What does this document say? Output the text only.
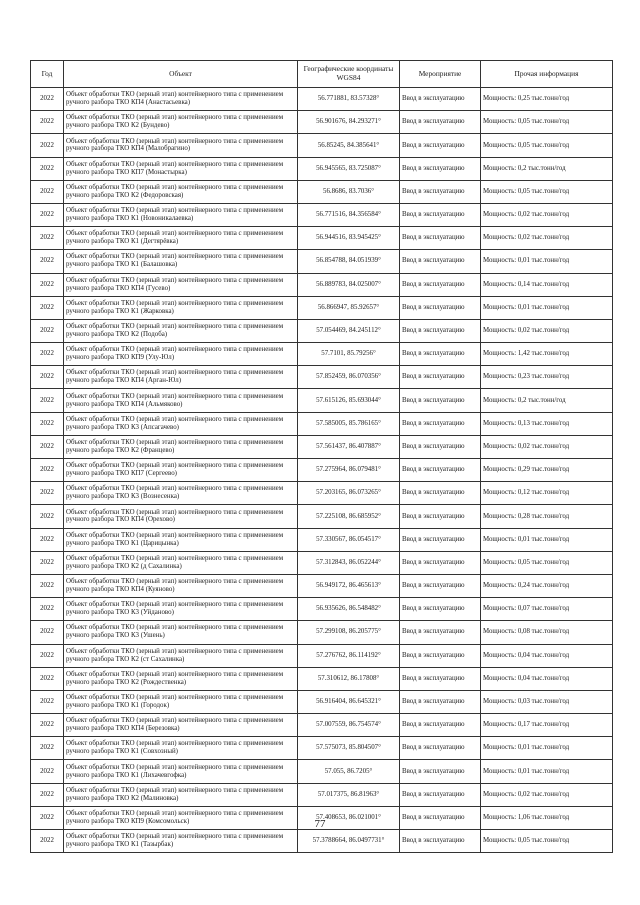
Год	Объект	Географические координаты WGS84	Мероприятие	Прочая информация
2022	Объект обработки ТКО (зерный этап) контейнерного типа с применением ручного разбора ТКО КП4 (Анастасьевка)	56.771881, 83.57328°	Ввод в эксплуатацию	Мощность: 0,25 тыс.тонн/год
2022	Объект обработки ТКО (зерный этап) контейнерного типа с применением ручного разбора ТКО К2 (Бундево)	56.901676, 84.293271°	Ввод в эксплуатацию	Мощность: 0,05 тыс.тонн/год
2022	Объект обработки ТКО (зерный этап) контейнерного типа с применением ручного разбора ТКО КП4 (Малобрагино)	56.85245, 84.385641°	Ввод в эксплуатацию	Мощность: 0,05 тыс.тонн/год
2022	Объект обработки ТКО (зерный этап) контейнерного типа с применением ручного разбора ТКО КП7 (Монастырка)	56.945565, 83.725087°	Ввод в эксплуатацию	Мощность: 0,2 тыс.тонн/год
2022	Объект обработки ТКО (зерный этап) контейнерного типа с применением ручного разбора ТКО К2 (Федоровская)	56.8686, 83.7036°	Ввод в эксплуатацию	Мощность: 0,05 тыс.тонн/год
2022	Объект обработки ТКО (зерный этап) контейнерного типа с применением ручного разбора ТКО К1 (Новоникалаевка)	56.771516, 84.356584°	Ввод в эксплуатацию	Мощность: 0,02 тыс.тонн/год
2022	Объект обработки ТКО (зерный этап) контейнерного типа с применением ручного разбора ТКО К1 (Дегтярёвка)	56.944516, 83.945425°	Ввод в эксплуатацию	Мощность: 0,02 тыс.тонн/год
2022	Объект обработки ТКО (зерный этап) контейнерного типа с применением ручного разбора ТКО К1 (Балашовка)	56.854788, 84.051939°	Ввод в эксплуатацию	Мощность: 0,01 тыс.тонн/год
2022	Объект обработки ТКО (зерный этап) контейнерного типа с применением ручного разбора ТКО КП4 (Гусево)	56.889783, 84.025007°	Ввод в эксплуатацию	Мощность: 0,14 тыс.тонн/год
2022	Объект обработки ТКО (зерный этап) контейнерного типа с применением ручного разбора ТКО К1 (Жарковка)	56.866947, 85.92657°	Ввод в эксплуатацию	Мощность: 0,01 тыс.тонн/год
2022	Объект обработки ТКО (зерный этап) контейнерного типа с применением ручного разбора ТКО К2 (Подоба)	57.054469, 84.245112°	Ввод в эксплуатацию	Мощность: 0,02 тыс.тонн/год
2022	Объект обработки ТКО (зерный этап) контейнерного типа с применением ручного разбора ТКО КП9 (Улу-Юл)	57.7101, 85.79256°	Ввод в эксплуатацию	Мощность: 1,42 тыс.тонн/год
2022	Объект обработки ТКО (зерный этап) контейнерного типа с применением ручного разбора ТКО КП4 (Арган-Юл)	57.852459, 86.070356°	Ввод в эксплуатацию	Мощность: 0,23 тыс.тонн/год
2022	Объект обработки ТКО (зерный этап) контейнерного типа с применением ручного разбора ТКО КП4 (Альмяково)	57.615126, 85.693044°	Ввод в эксплуатацию	Мощность: 0,2 тыс.тонн/год
2022	Объект обработки ТКО (зерный этап) контейнерного типа с применением ручного разбора ТКО К3 (Апсагачево)	57.585005, 85.786165°	Ввод в эксплуатацию	Мощность: 0,13 тыс.тонн/год
2022	Объект обработки ТКО (зерный этап) контейнерного типа с применением ручного разбора ТКО К2 (Францево)	57.561437, 86.407887°	Ввод в эксплуатацию	Мощность: 0,02 тыс.тонн/год
2022	Объект обработки ТКО (зерный этап) контейнерного типа с применением ручного разбора ТКО КП7 (Сергеево)	57.275964, 86.079481°	Ввод в эксплуатацию	Мощность: 0,29 тыс.тонн/год
2022	Объект обработки ТКО (зерный этап) контейнерного типа с применением ручного разбора ТКО К3 (Вознесенка)	57.203165, 86.073265°	Ввод в эксплуатацию	Мощность: 0,12 тыс.тонн/год
2022	Объект обработки ТКО (зерный этап) контейнерного типа с применением ручного разбора ТКО КП4 (Орехово)	57.225108, 86.685952°	Ввод в эксплуатацию	Мощность: 0,28 тыс.тонн/год
2022	Объект обработки ТКО (зерный этап) контейнерного типа с применением ручного разбора ТКО К1 (Царицынка)	57.330567, 86.054517°	Ввод в эксплуатацию	Мощность: 0,01 тыс.тонн/год
2022	Объект обработки ТКО (зерный этап) контейнерного типа с применением ручного разбора ТКО К2 (д Сахалинка)	57.312843, 86.052244°	Ввод в эксплуатацию	Мощность: 0,05 тыс.тонн/год
2022	Объект обработки ТКО (зерный этап) контейнерного типа с применением ручного разбора ТКО КП4 (Куяново)	56.949172, 86.465613°	Ввод в эксплуатацию	Мощность: 0,24 тыс.тонн/год
2022	Объект обработки ТКО (зерный этап) контейнерного типа с применением ручного разбора ТКО К3 (Уйданово)	56.935626, 86.548482°	Ввод в эксплуатацию	Мощность: 0,07 тыс.тонн/год
2022	Объект обработки ТКО (зерный этап) контейнерного типа с применением ручного разбора ТКО К3 (Ушень)	57.299108, 86.205775°	Ввод в эксплуатацию	Мощность: 0,08 тыс.тонн/год
2022	Объект обработки ТКО (зерный этап) контейнерного типа с применением ручного разбора ТКО К2 (ст Сахалинка)	57.276762, 86.114192°	Ввод в эксплуатацию	Мощность: 0,04 тыс.тонн/год
2022	Объект обработки ТКО (зерный этап) контейнерного типа с применением ручного разбора ТКО К2 (Рождественка)	57.310612, 86.17808°	Ввод в эксплуатацию	Мощность: 0,04 тыс.тонн/год
2022	Объект обработки ТКО (зерный этап) контейнерного типа с применением ручного разбора ТКО К1 (Городок)	56.916404, 86.645321°	Ввод в эксплуатацию	Мощность: 0,03 тыс.тонн/год
2022	Объект обработки ТКО (зерный этап) контейнерного типа с применением ручного разбора ТКО КП4 (Березовка)	57.007559, 86.754574°	Ввод в эксплуатацию	Мощность: 0,17 тыс.тонн/год
2022	Объект обработки ТКО (зерный этап) контейнерного типа с применением ручного разбора ТКО К1 (Совхозный)	57.575073, 85.804507°	Ввод в эксплуатацию	Мощность: 0,01 тыс.тонн/год
2022	Объект обработки ТКО (зерный этап) контейнерного типа с применением ручного разбора ТКО К1 (Лихачевгофка)	57.055, 86.7205°	Ввод в эксплуатацию	Мощность: 0,01 тыс.тонн/год
2022	Объект обработки ТКО (зерный этап) контейнерного типа с применением ручного разбора ТКО К2 (Малиновка)	57.017375, 86.81963°	Ввод в эксплуатацию	Мощность: 0,02 тыс.тонн/год
2022	Объект обработки ТКО (зерный этап) контейнерного типа с применением ручного разбора ТКО КП9 (Комсомольск)	57.408653, 86.021001°	Ввод в эксплуатацию	Мощность: 1,06 тыс.тонн/год
2022	Объект обработки ТКО (зерный этап) контейнерного типа с применением ручного разбора ТКО К1 (Тазырбак)	57.3788664, 86.0497731°	Ввод в эксплуатацию	Мощность: 0,05 тыс.тонн/год
77
